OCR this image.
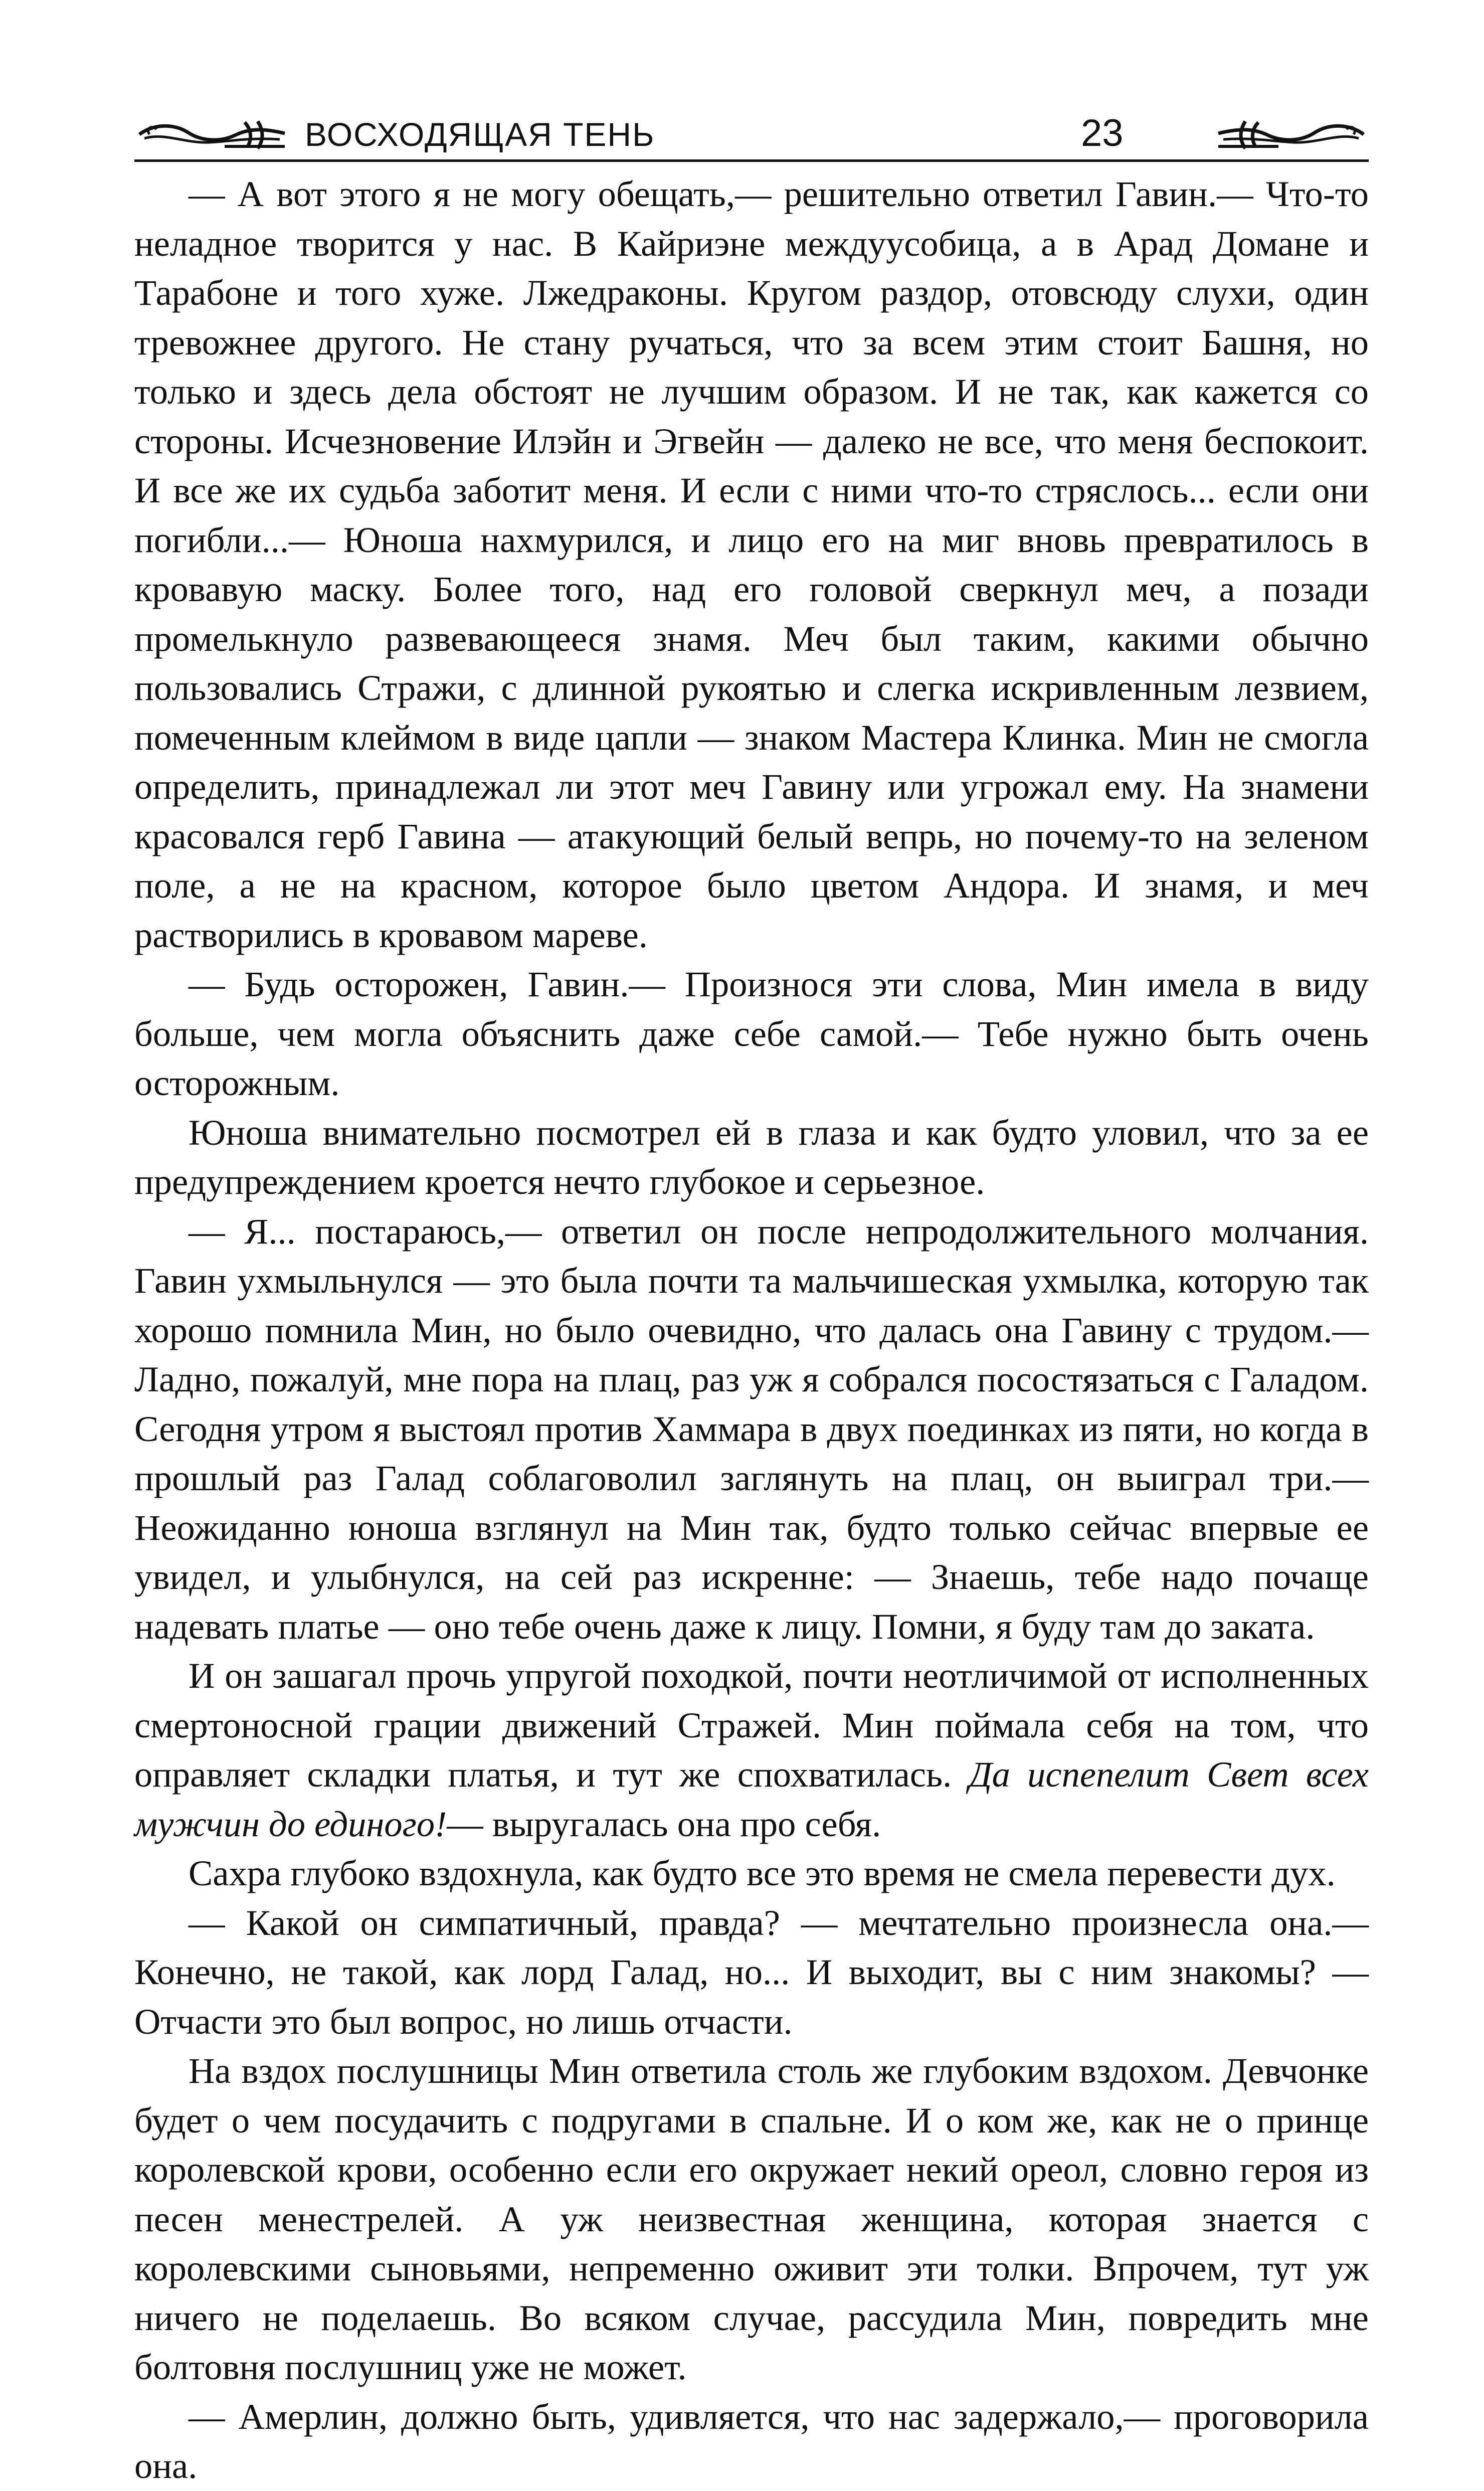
ВОСХОДЯЩАЯ ТЕНЬ	23

— А вот этого я не могу обещать,— решительно ответил Гавин.— Что-то неладное творится у нас. В Кайриэне междуусобица, а в Арад Домане и Тарабоне и того хуже. Лжедраконы. Кругом раздор, отовсюду слухи, один тревожнее другого. Не стану ручаться, что за всем этим стоит Башня, но только и здесь дела обстоят не лучшим образом. И не так, как кажется со стороны. Исчезновение Илэйн и Эгвейн — далеко не все, что меня беспокоит. И все же их судьба заботит меня. И если с ними что-то стряслось... если они погибли...— Юноша нахмурился, и лицо его на миг вновь превратилось в кровавую маску. Более того, над его головой сверкнул меч, а позади промелькнуло развевающееся знамя. Меч был таким, какими обычно пользовались Стражи, с длинной рукоятью и слегка искривленным лезвием, помеченным клеймом в виде цапли — знаком Мастера Клинка. Мин не смогла определить, принадлежал ли этот меч Гавину или угрожал ему. На знамени красовался герб Гавина — атакующий белый вепрь, но почему-то на зеленом поле, а не на красном, которое было цветом Андора. И знамя, и меч растворились в кровавом мареве.

— Будь осторожен, Гавин.— Произнося эти слова, Мин имела в виду больше, чем могла объяснить даже себе самой.— Тебе нужно быть очень осторожным.

Юноша внимательно посмотрел ей в глаза и как будто уловил, что за ее предупреждением кроется нечто глубокое и серьезное.

— Я... постараюсь,— ответил он после непродолжительного молчания. Гавин ухмыльнулся — это была почти та мальчишеская ухмылка, которую так хорошо помнила Мин, но было очевидно, что далась она Гавину с трудом.— Ладно, пожалуй, мне пора на плац, раз уж я собрался посостязаться с Галадом. Сегодня утром я выстоял против Хаммара в двух поединках из пяти, но когда в прошлый раз Галад соблаговолил заглянуть на плац, он выиграл три.— Неожиданно юноша взглянул на Мин так, будто только сейчас впервые ее увидел, и улыбнулся, на сей раз искренне: — Знаешь, тебе надо почаще надевать платье — оно тебе очень даже к лицу. Помни, я буду там до заката.

И он зашагал прочь упругой походкой, почти неотличимой от исполненных смертоносной грации движений Стражей. Мин поймала себя на том, что оправляет складки платья, и тут же спохватилась. Да испепелит Свет всех мужчин до единого!— выругалась она про себя.

Сахра глубоко вздохнула, как будто все это время не смела перевести дух.

— Какой он симпатичный, правда? — мечтательно произнесла она.— Конечно, не такой, как лорд Галад, но... И выходит, вы с ним знакомы? — Отчасти это был вопрос, но лишь отчасти.

На вздох послушницы Мин ответила столь же глубоким вздохом. Девчонке будет о чем посудачить с подругами в спальне. И о ком же, как не о принце королевской крови, особенно если его окружает некий ореол, словно героя из песен менестрелей. А уж неизвестная женщина, которая знается с королевскими сыновьями, непременно оживит эти толки. Впрочем, тут уж ничего не поделаешь. Во всяком случае, рассудила Мин, повредить мне болтовня послушниц уже не может.

— Амерлин, должно быть, удивляется, что нас задержало,— проговорила она.
